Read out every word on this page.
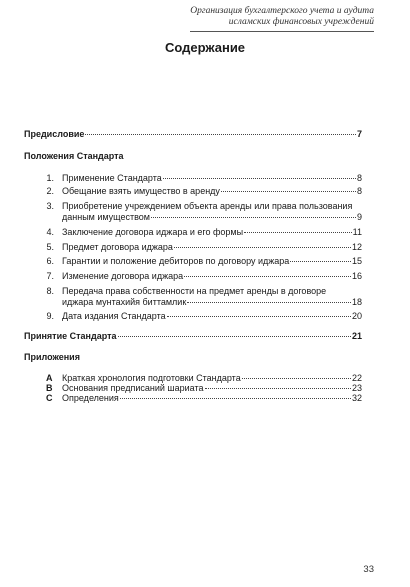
Организация бухгалтерского учета и аудита
исламских финансовых учреждений
Содержание
Предисловие	7
Положения Стандарта
1. Применение Стандарта	8
2. Обещание взять имущество в аренду	8
3. Приобретение учреждением объекта аренды или права пользования
данным имуществом	9
4. Заключение договора иджара и его формы	11
5. Предмет договора иджара	12
6. Гарантии и положение дебиторов по договору иджара	15
7. Изменение договора иджара	16
8. Передача права собственности на предмет аренды в договоре
иджара мунтахийя биттамлик	18
9. Дата издания Стандарта	20
Принятие Стандарта	21
Приложения
A	Краткая хронология подготовки Стандарта	22
B	Основания предписаний шариата	23
C	Определения	32
33
